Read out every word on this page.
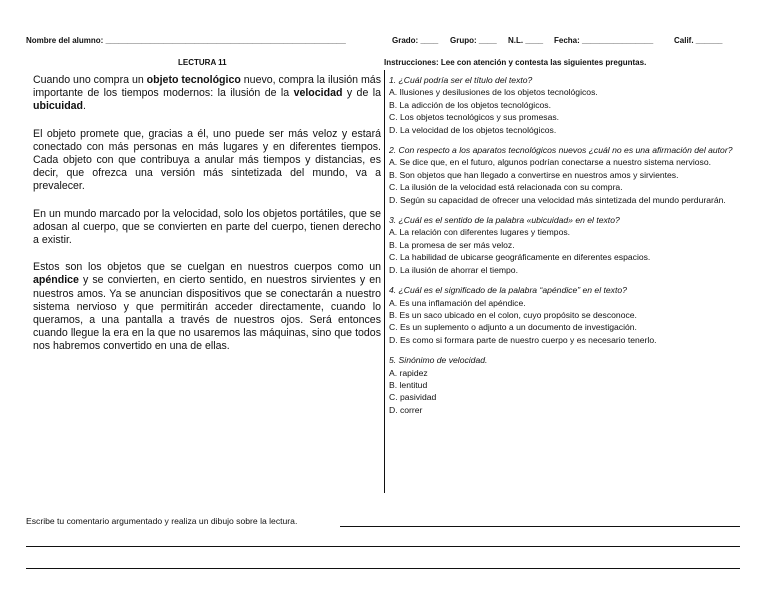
Nombre del alumno: ______________________________________________________	Grado: ____ Grupo: ____ N.L. ____ Fecha: ________________	Calif. ______
LECTURA 11	Instrucciones: Lee con atención y contesta las siguientes preguntas.

Cuando uno compra un objeto tecnológico nuevo, compra la ilusión más importante de los tiempos modernos: la ilusión de la velocidad y de la ubicuidad.

El objeto promete que, gracias a él, uno puede ser más veloz y estará conectado con más personas en más lugares y en diferentes tiempos. Cada objeto con que contribuya a anular más tiempos y distancias, es decir, que ofrezca una versión más sintetizada del mundo, va a prevalecer.

En un mundo marcado por la velocidad, solo los objetos portátiles, que se adosan al cuerpo, que se convierten en parte del cuerpo, tienen derecho a existir.

Estos son los objetos que se cuelgan en nuestros cuerpos como un apéndice y se convierten, en cierto sentido, en nuestros sirvientes y en nuestros amos. Ya se anuncian dispositivos que se conectarán a nuestro sistema nervioso y que permitirán acceder directamente, cuando lo queramos, a una pantalla a través de nuestros ojos. Será entonces cuando llegue la era en la que no usaremos las máquinas, sino que todos nos habremos convertido en una de ellas.

1. ¿Cuál podría ser el título del texto?
A. Ilusiones y desilusiones de los objetos tecnológicos.
B. La adicción de los objetos tecnológicos.
C. Los objetos tecnológicos y sus promesas.
D. La velocidad de los objetos tecnológicos.
2. Con respecto a los aparatos tecnológicos nuevos ¿cuál no es una afirmación del autor?
A. Se dice que, en el futuro, algunos podrían conectarse a nuestro sistema nervioso.
B. Son objetos que han llegado a convertirse en nuestros amos y sirvientes.
C. La ilusión de la velocidad está relacionada con su compra.
D. Según su capacidad de ofrecer una velocidad más sintetizada del mundo perdurarán.
3. ¿Cuál es el sentido de la palabra «ubicuidad» en el texto?
A. La relación con diferentes lugares y tiempos.
B. La promesa de ser más veloz.
C. La habilidad de ubicarse geográficamente en diferentes espacios.
D. La ilusión de ahorrar el tiempo.
4. ¿Cuál es el significado de la palabra “apéndice” en el texto?
A. Es una inflamación del apéndice.
B. Es un saco ubicado en el colon, cuyo propósito se desconoce.
C. Es un suplemento o adjunto a un documento de investigación.
D. Es como si formara parte de nuestro cuerpo y es necesario tenerlo.
5. Sinónimo de velocidad.
A. rapidez
B. lentitud
C. pasividad
D. correr
Escribe tu comentario argumentado y realiza un dibujo sobre la lectura.
